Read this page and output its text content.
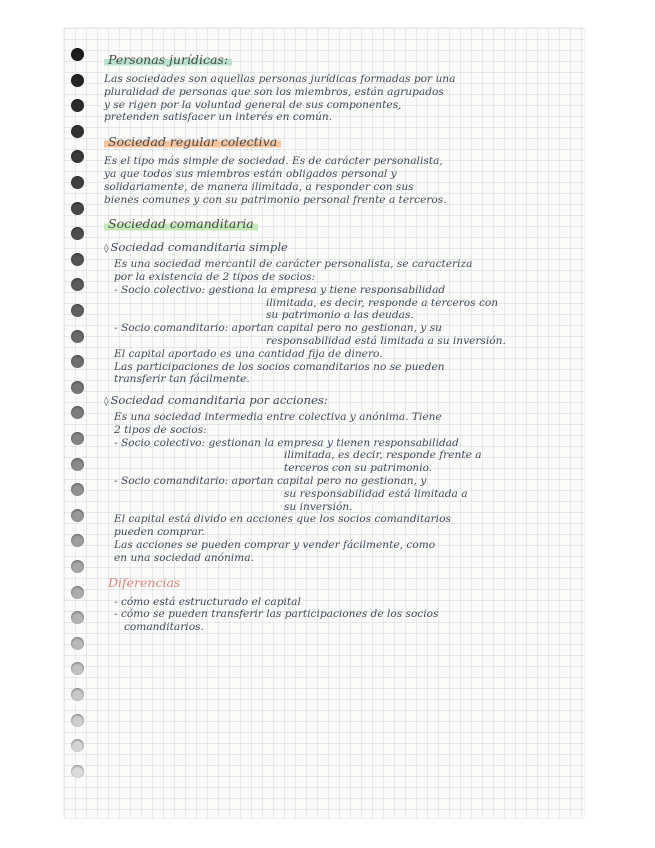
Personas jurídicas:
Las sociedades son aquellas personas jurídicas formadas por una
pluralidad de personas que son los miembros, están agrupados
y se rigen por la voluntad general de sus componentes,
pretenden satisfacer un interés en común.
Sociedad regular colectiva
Es el tipo más simple de sociedad. Es de carácter personalista,
ya que todos sus miembros están obligados personal y
solidariamente, de manera ilimitada, a responder con sus
bienes comunes y con su patrimonio personal frente a terceros.
Sociedad comanditaria
◊ Sociedad comanditaria simple
Es una sociedad mercantil de carácter personalista, se caracteriza
por la existencia de 2 tipos de socios:
- Socio colectivo: gestiona la empresa y tiene responsabilidad
ilimitada, es decir, responde a terceros con
su patrimonio a las deudas.
- Socio comanditario: aportan capital pero no gestionan, y su
responsabilidad está limitada a su inversión.
El capital aportado es una cantidad fija de dinero.
Las participaciones de los socios comanditarios no se pueden
transferir tan fácilmente.
◊ Sociedad comanditaria por acciones:
Es una sociedad intermedia entre colectiva y anónima. Tiene
2 tipos de socios:
- Socio colectivo: gestionan la empresa y tienen responsabilidad
ilimitada, es decir, responde frente a
terceros con su patrimonio.
- Socio comanditario: aportan capital pero no gestionan, y
su responsabilidad está limitada a
su inversión.
El capital está divido en acciones que los socios comanditarios
pueden comprar.
Las acciones se pueden comprar y vender fácilmente, como
en una sociedad anónima.
Diferencias
- cómo está estructurado el capital
- cómo se pueden transferir las participaciones de los socios
comanditarios.
